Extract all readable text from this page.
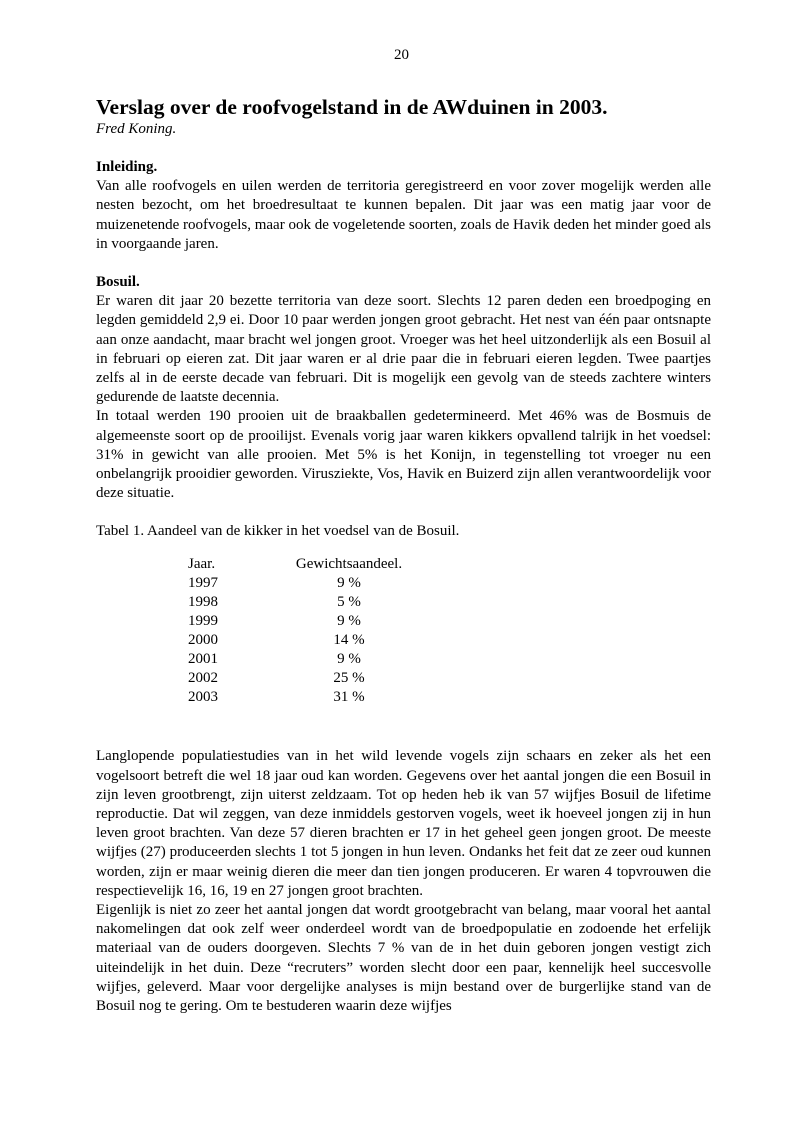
20
Verslag over de roofvogelstand in de AWduinen in 2003.

Fred Koning.

Inleiding.

Van alle roofvogels en uilen werden de territoria geregistreerd en voor zover mogelijk werden alle nesten bezocht, om het broedresultaat te kunnen bepalen. Dit jaar was een matig jaar voor de muizenetende roofvogels, maar ook de vogeletende soorten, zoals de Havik deden het minder goed als in voorgaande jaren.

Bosuil.

Er waren dit jaar 20 bezette territoria van deze soort. Slechts 12 paren deden een broedpoging en legden gemiddeld 2,9 ei. Door 10 paar werden jongen groot gebracht. Het nest van één paar ontsnapte aan onze aandacht, maar bracht wel jongen groot. Vroeger was het heel uitzonderlijk als een Bosuil al in februari op eieren zat. Dit jaar waren er al drie paar die in februari eieren legden. Twee paartjes zelfs al in de eerste decade van februari. Dit is mogelijk een gevolg van de steeds zachtere winters gedurende de laatste decennia.

In totaal werden 190 prooien uit de braakballen gedetermineerd. Met 46% was de Bosmuis de algemeenste soort op de prooilijst. Evenals vorig jaar waren kikkers opvallend talrijk in het voedsel: 31% in gewicht van alle prooien. Met 5% is het Konijn, in tegenstelling tot vroeger nu een onbelangrijk prooidier geworden. Virusziekte, Vos, Havik en Buizerd zijn allen verantwoordelijk voor deze situatie.

Tabel 1. Aandeel van de kikker in het voedsel van de Bosuil.

Jaar.	Gewichtsaandeel.
1997	9 %
1998	5 %
1999	9 %
2000	14 %
2001	9 %
2002	25 %
2003	31 %

Langlopende populatiestudies van in het wild levende vogels zijn schaars en zeker als het een vogelsoort betreft die wel 18 jaar oud kan worden. Gegevens over het aantal jongen die een Bosuil in zijn leven grootbrengt, zijn uiterst zeldzaam. Tot op heden heb ik van 57 wijfjes Bosuil de lifetime reproductie. Dat wil zeggen, van deze inmiddels gestorven vogels, weet ik hoeveel jongen zij in hun leven groot brachten. Van deze 57 dieren brachten er 17 in het geheel geen jongen groot. De meeste wijfjes (27) produceerden slechts 1 tot 5 jongen in hun leven. Ondanks het feit dat ze zeer oud kunnen worden, zijn er maar weinig dieren die meer dan tien jongen produceren. Er waren 4 topvrouwen die respectievelijk 16, 16, 19 en 27 jongen groot brachten.

Eigenlijk is niet zo zeer het aantal jongen dat wordt grootgebracht van belang, maar vooral het aantal nakomelingen dat ook zelf weer onderdeel wordt van de broedpopulatie en zodoende het erfelijk materiaal van de ouders doorgeven. Slechts 7 % van de in het duin geboren jongen vestigt zich uiteindelijk in het duin. Deze “recruters” worden slecht door een paar, kennelijk heel succesvolle wijfjes, geleverd. Maar voor dergelijke analyses is mijn bestand over de burgerlijke stand van de Bosuil nog te gering. Om te bestuderen waarin deze wijfjes
